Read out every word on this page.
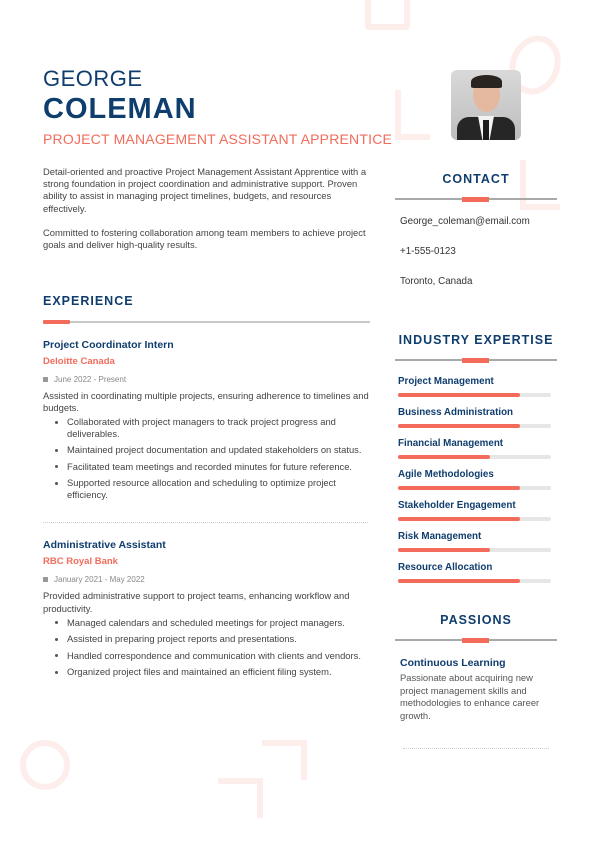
GEORGE
COLEMAN
PROJECT MANAGEMENT ASSISTANT APPRENTICE

Detail-oriented and proactive Project Management Assistant Apprentice with a strong foundation in project coordination and administrative support. Proven ability to assist in managing project timelines, budgets, and resources effectively.

Committed to fostering collaboration among team members to achieve project goals and deliver high-quality results.

EXPERIENCE
Project Coordinator Intern
Deloitte Canada
June 2022 - Present
Assisted in coordinating multiple projects, ensuring adherence to timelines and budgets.
Collaborated with project managers to track project progress and deliverables.
Maintained project documentation and updated stakeholders on status.
Facilitated team meetings and recorded minutes for future reference.
Supported resource allocation and scheduling to optimize project efficiency.
Administrative Assistant
RBC Royal Bank
January 2021 - May 2022
Provided administrative support to project teams, enhancing workflow and productivity.
Managed calendars and scheduled meetings for project managers.
Assisted in preparing project reports and presentations.
Handled correspondence and communication with clients and vendors.
Organized project files and maintained an efficient filing system.
CONTACT
George_coleman@email.com
+1-555-0123
Toronto, Canada
INDUSTRY EXPERTISE
Project Management
Business Administration
Financial Management
Agile Methodologies
Stakeholder Engagement
Risk Management
Resource Allocation
PASSIONS
Continuous Learning
Passionate about acquiring new project management skills and methodologies to enhance career growth.
